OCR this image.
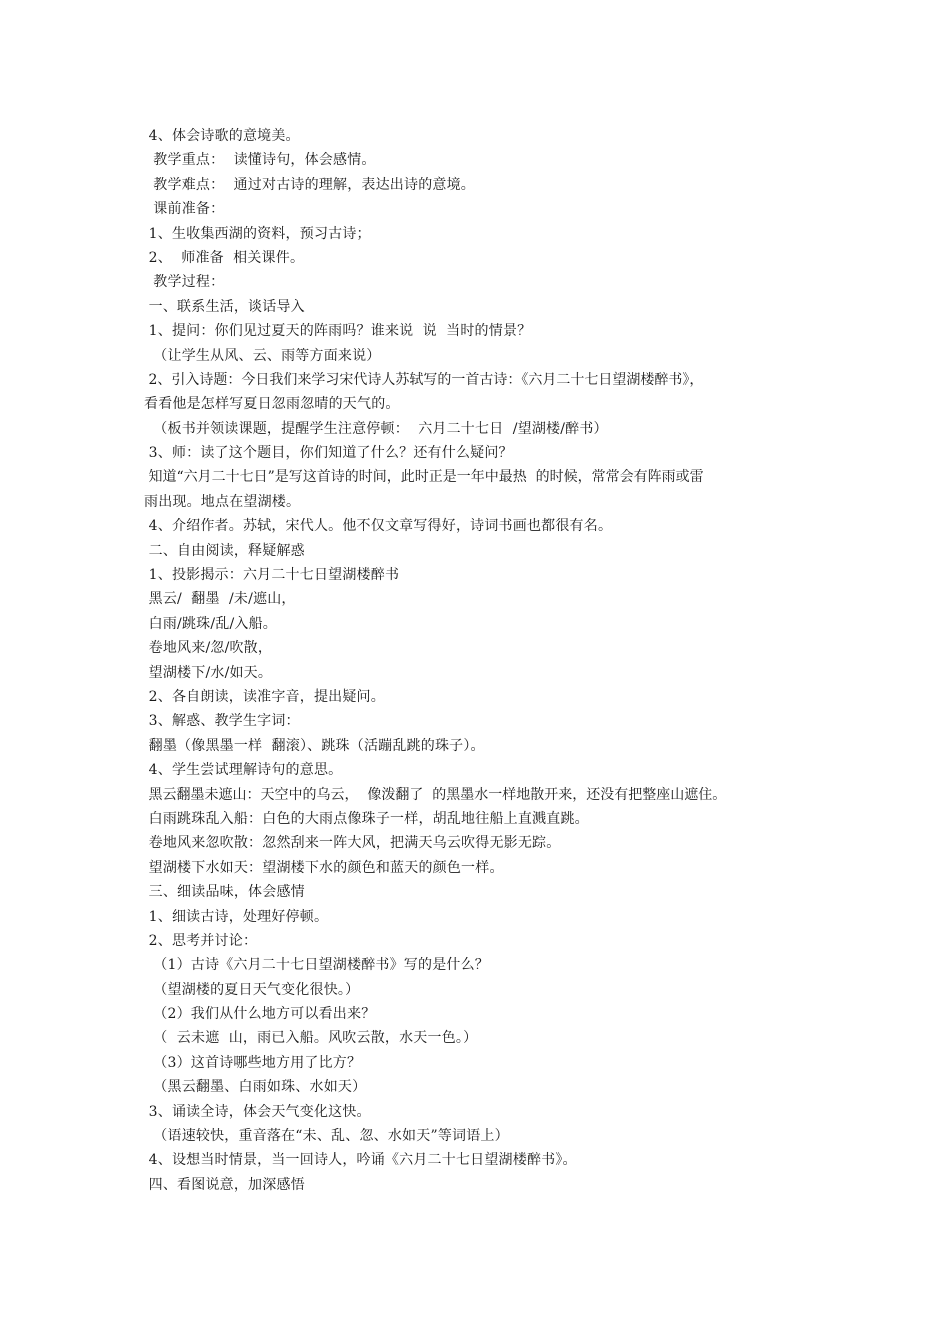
4、体会诗歌的意境美。
教学重点：  读懂诗句，体会感情。
教学难点：  通过对古诗的理解，表达出诗的意境。
课前准备：
1、生收集西湖的资料，预习古诗；
2、  师准备  相关课件。
教学过程：
一、联系生活，谈话导入
1、提问：你们见过夏天的阵雨吗？谁来说  说  当时的情景？
（让学生从风、云、雨等方面来说）
2、引入诗题：今日我们来学习宋代诗人苏轼写的一首古诗：《六月二十七日望湖楼醉书》，
看看他是怎样写夏日忽雨忽晴的天气的。
（板书并领读课题，提醒学生注意停顿：  六月二十七日  /望湖楼/醉书）
3、师：读了这个题目，你们知道了什么？还有什么疑问？
知道“六月二十七日”是写这首诗的时间，此时正是一年中最热  的时候，常常会有阵雨或雷
雨出现。地点在望湖楼。
4、介绍作者。苏轼，宋代人。他不仅文章写得好，诗词书画也都很有名。
二、自由阅读，释疑解惑
1、投影揭示：六月二十七日望湖楼醉书
黑云/  翻墨  /未/遮山，
白雨/跳珠/乱/入船。
卷地风来/忽/吹散，
望湖楼下/水/如天。
2、各自朗读，读准字音，提出疑问。
3、解惑、教学生字词：
翻墨（像黑墨一样  翻滚）、跳珠（活蹦乱跳的珠子）。
4、学生尝试理解诗句的意思。
黑云翻墨未遮山：天空中的乌云，  像泼翻了  的黑墨水一样地散开来，还没有把整座山遮住。
白雨跳珠乱入船：白色的大雨点像珠子一样，胡乱地往船上直溅直跳。
卷地风来忽吹散：忽然刮来一阵大风，把满天乌云吹得无影无踪。
望湖楼下水如天：望湖楼下水的颜色和蓝天的颜色一样。
三、细读品味，体会感情
1、细读古诗，处理好停顿。
2、思考并讨论：
（1）古诗《六月二十七日望湖楼醉书》写的是什么？
（望湖楼的夏日天气变化很快。）
（2）我们从什么地方可以看出来？
（  云未遮  山，雨已入船。风吹云散，水天一色。）
（3）这首诗哪些地方用了比方？
（黑云翻墨、白雨如珠、水如天）
3、诵读全诗，体会天气变化这快。
（语速较快，重音落在“未、乱、忽、水如天”等词语上）
4、设想当时情景，当一回诗人，吟诵《六月二十七日望湖楼醉书》。
四、看图说意，加深感悟
